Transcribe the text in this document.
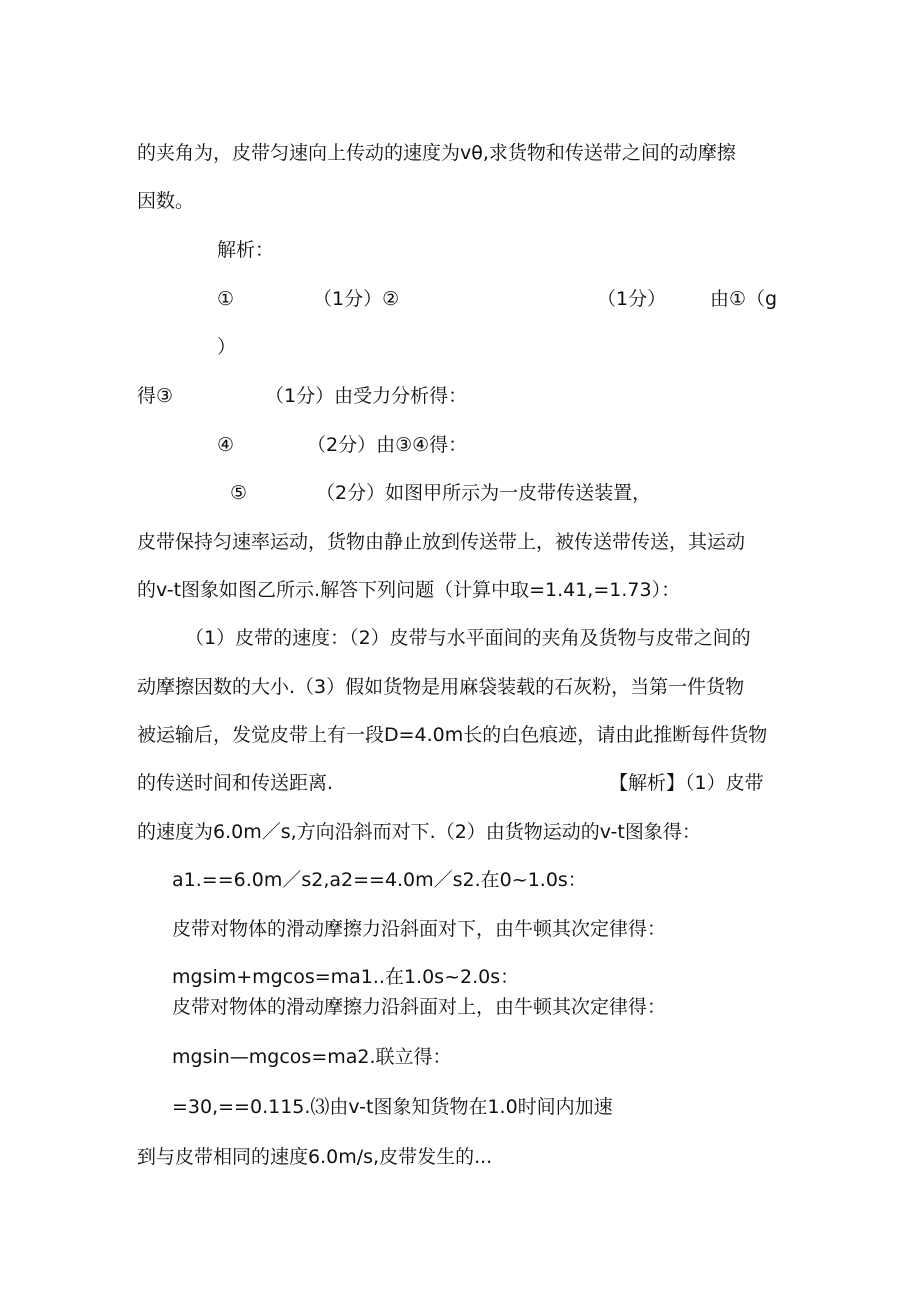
的夹角为，皮带匀速向上传动的速度为vθ,求货物和传送带之间的动摩擦
因数。
解析：
①	（1分）②	（1分） 由①（g
）
得③	（1分）由受力分析得：
④	（2分）由③④得：
⑤	（2分）如图甲所示为一皮带传送装置，
皮带保持匀速率运动，货物由静止放到传送带上，被传送带传送，其运动
的v-t图象如图乙所示.解答下列问题（计算中取=1.41,=1.73）：
（1）皮带的速度：（2）皮带与水平面间的夹角及货物与皮带之间的
动摩擦因数的大小.（3）假如货物是用麻袋装载的石灰粉，当第一件货物
被运输后，发觉皮带上有一段D=4.0m长的白色痕迹，请由此推断每件货物
的传送时间和传送距离.	【解析】（1）皮带
的速度为6.0m／s,方向沿斜而对下.（2）由货物运动的v-t图象得：
a1.==6.0m／s2,a2==4.0m／s2.在0~1.0s：
皮带对物体的滑动摩擦力沿斜面对下，由牛顿其次定律得：
mgsim+mgcos=ma1..在1.0s~2.0s：
皮带对物体的滑动摩擦力沿斜面对上，由牛顿其次定律得：
mgsin—mgcos=ma2.联立得：
=30,==0.115.⑶由v-t图象知货物在1.0时间内加速
到与皮带相同的速度6.0m/s,皮带发生的...
